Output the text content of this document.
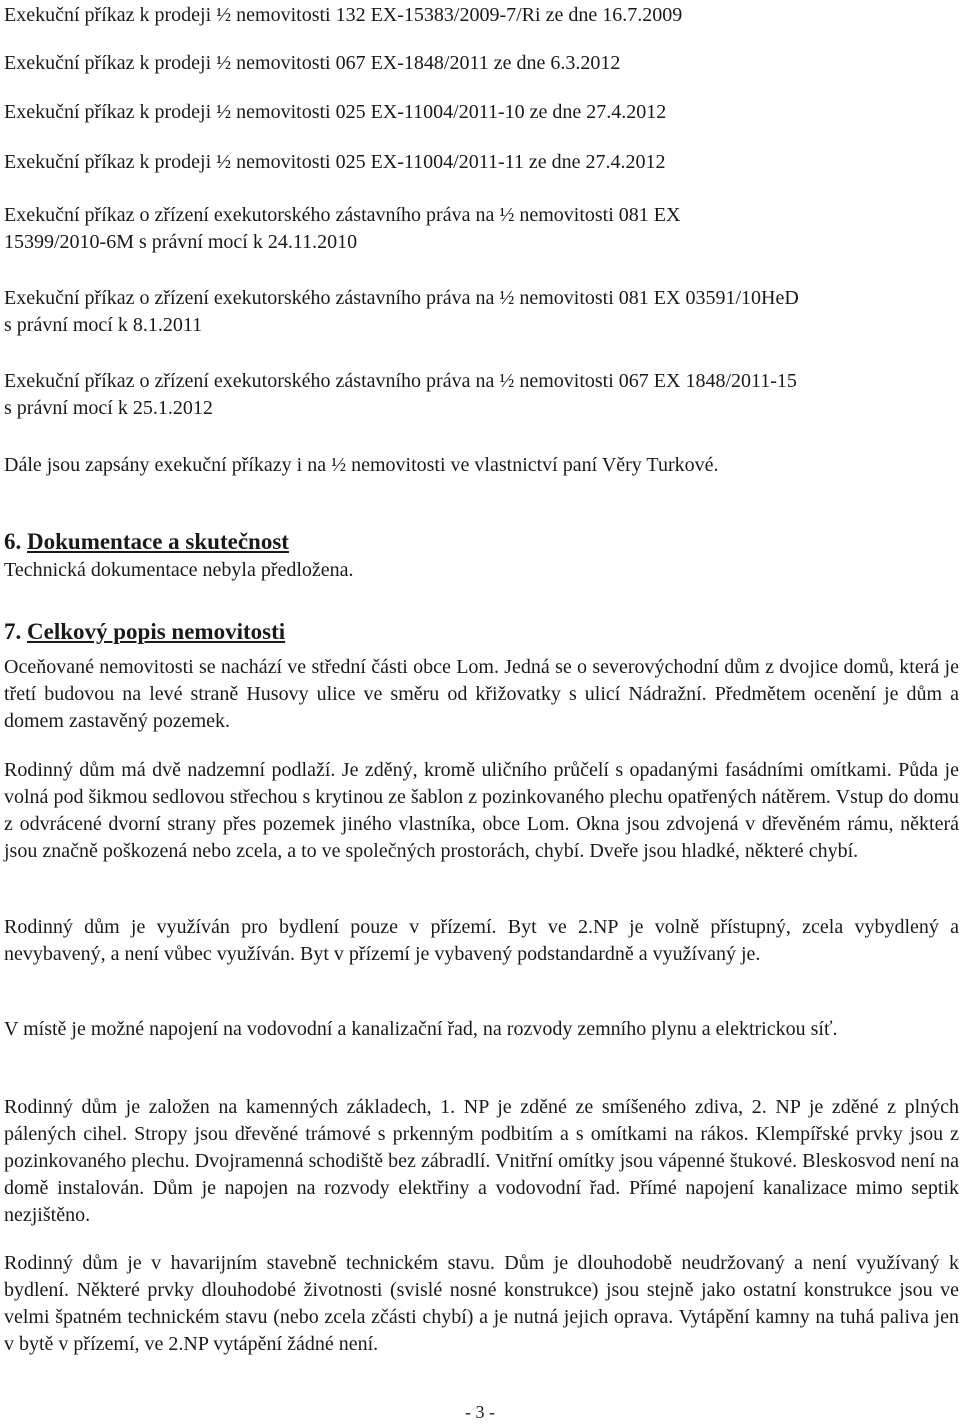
Exekuční příkaz k prodeji ½ nemovitosti 132 EX-15383/2009-7/Ri ze dne 16.7.2009

Exekuční příkaz k prodeji ½ nemovitosti 067 EX-1848/2011 ze dne 6.3.2012

Exekuční příkaz k prodeji ½ nemovitosti 025 EX-11004/2011-10 ze dne 27.4.2012

Exekuční příkaz k prodeji ½ nemovitosti 025 EX-11004/2011-11 ze dne 27.4.2012

Exekuční příkaz o zřízení exekutorského zástavního práva na ½ nemovitosti 081 EX

15399/2010-6M s právní mocí k 24.11.2010

Exekuční příkaz o zřízení exekutorského zástavního práva na ½ nemovitosti 081 EX 03591/10HeD

s právní mocí k 8.1.2011

Exekuční příkaz o zřízení exekutorského zástavního práva na ½ nemovitosti 067 EX 1848/2011-15

s právní mocí k 25.1.2012

Dále jsou zapsány exekuční příkazy i na ½ nemovitosti ve vlastnictví paní Věry Turkové.

6. Dokumentace a skutečnost

Technická dokumentace nebyla předložena.

7. Celkový popis nemovitosti

Oceňované nemovitosti se nachází ve střední části obce Lom. Jedná se o severovýchodní dům z dvojice domů, která je třetí budovou na levé straně Husovy ulice ve směru od křižovatky s ulicí Nádražní. Předmětem ocenění je dům a domem zastavěný pozemek.

Rodinný dům má dvě nadzemní podlaží. Je zděný, kromě uličního průčelí s opadanými fasádními omítkami. Půda je volná pod šikmou sedlovou střechou s krytinou ze šablon z pozinkovaného plechu opatřených nátěrem. Vstup do domu z odvrácené dvorní strany přes pozemek jiného vlastníka, obce Lom. Okna jsou zdvojená v dřevěném rámu, některá jsou značně poškozená nebo zcela, a to ve společných prostorách, chybí. Dveře jsou hladké, některé chybí.

Rodinný dům je využíván pro bydlení pouze v přízemí. Byt ve 2.NP je volně přístupný, zcela vybydlený a nevybavený, a není vůbec využíván. Byt v přízemí je vybavený podstandardně a využívaný je.

V místě je možné napojení na vodovodní a kanalizační řad, na rozvody zemního plynu a elektrickou síť.

Rodinný dům je založen na kamenných základech, 1. NP je zděné ze smíšeného zdiva, 2. NP je zděné z plných pálených cihel. Stropy jsou dřevěné trámové s prkenným podbitím a s omítkami na rákos. Klempířské prvky jsou z pozinkovaného plechu. Dvojramenná schodiště bez zábradlí. Vnitřní omítky jsou vápenné štukové. Bleskosvod není na domě instalován. Dům je napojen na rozvody elektřiny a vodovodní řad. Přímé napojení kanalizace mimo septik nezjištěno.

Rodinný dům je v havarijním stavebně technickém stavu. Dům je dlouhodobě neudržovaný a není využívaný k bydlení. Některé prvky dlouhodobé životnosti (svislé nosné konstrukce) jsou stejně jako ostatní konstrukce jsou ve velmi špatném technickém stavu (nebo zcela zčásti chybí) a je nutná jejich oprava. Vytápění kamny na tuhá paliva jen v bytě v přízemí, ve 2.NP vytápění žádné není.

- 3 -
